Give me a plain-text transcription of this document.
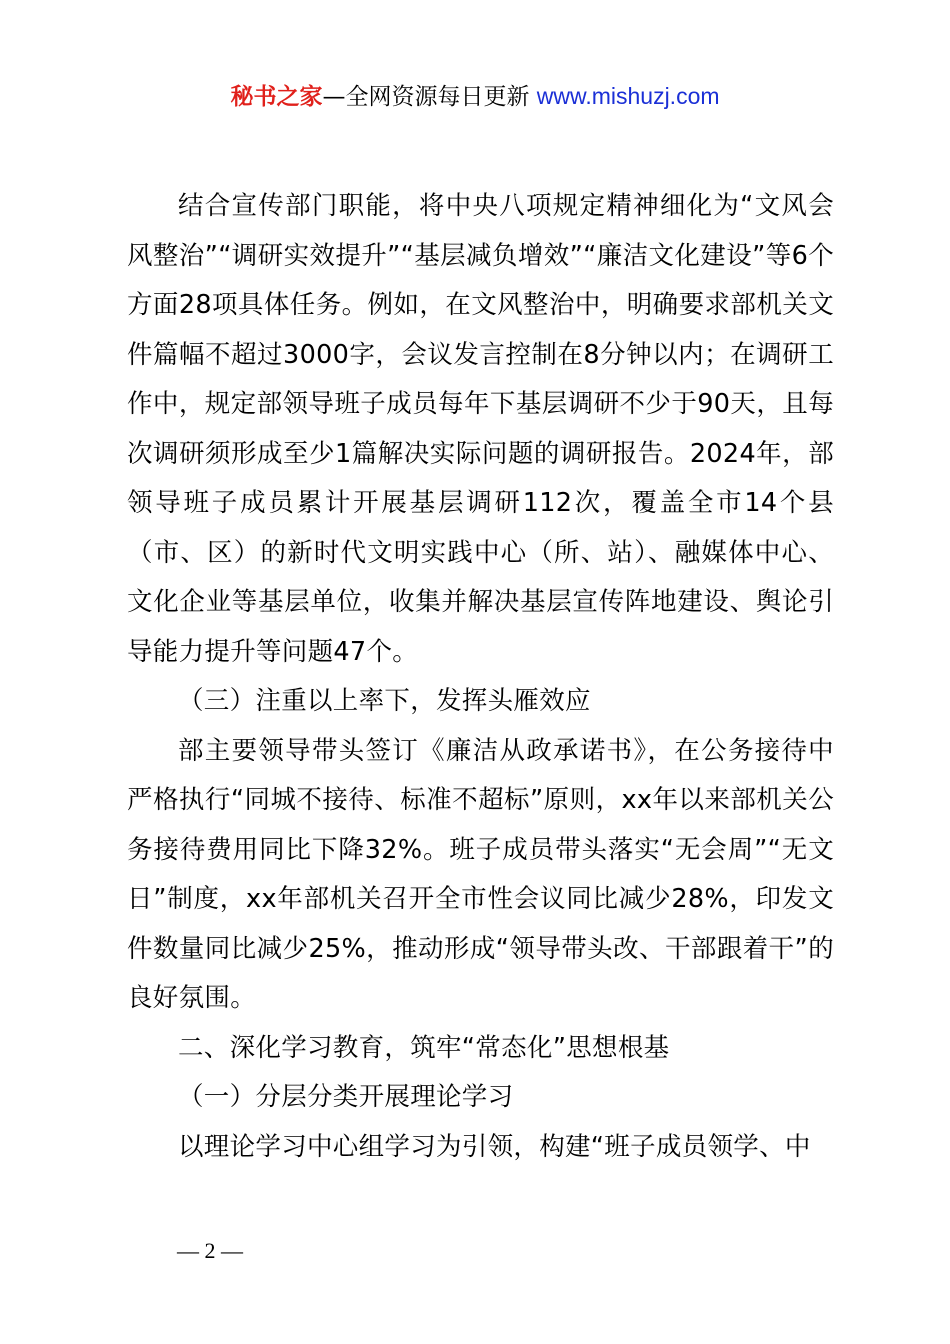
秘书之家—全网资源每日更新 www.mishuzj.com

结合宣传部门职能，将中央八项规定精神细化为“文风会风整治”“调研实效提升”“基层减负增效”“廉洁文化建设”等6个方面28项具体任务。例如，在文风整治中，明确要求部机关文件篇幅不超过3000字，会议发言控制在8分钟以内；在调研工作中，规定部领导班子成员每年下基层调研不少于90天，且每次调研须形成至少1篇解决实际问题的调研报告。2024年，部领导班子成员累计开展基层调研112次，覆盖全市14个县（市、区）的新时代文明实践中心（所、站）、融媒体中心、文化企业等基层单位，收集并解决基层宣传阵地建设、舆论引导能力提升等问题47个。

（三）注重以上率下，发挥头雁效应

部主要领导带头签订《廉洁从政承诺书》，在公务接待中严格执行“同城不接待、标准不超标”原则，xx年以来部机关公务接待费用同比下降32%。班子成员带头落实“无会周”“无文日”制度，xx年部机关召开全市性会议同比减少28%，印发文件数量同比减少25%，推动形成“领导带头改、干部跟着干”的良好氛围。

二、深化学习教育，筑牢“常态化”思想根基

（一）分层分类开展理论学习

以理论学习中心组学习为引领，构建“班子成员领学、中

— 2 —
